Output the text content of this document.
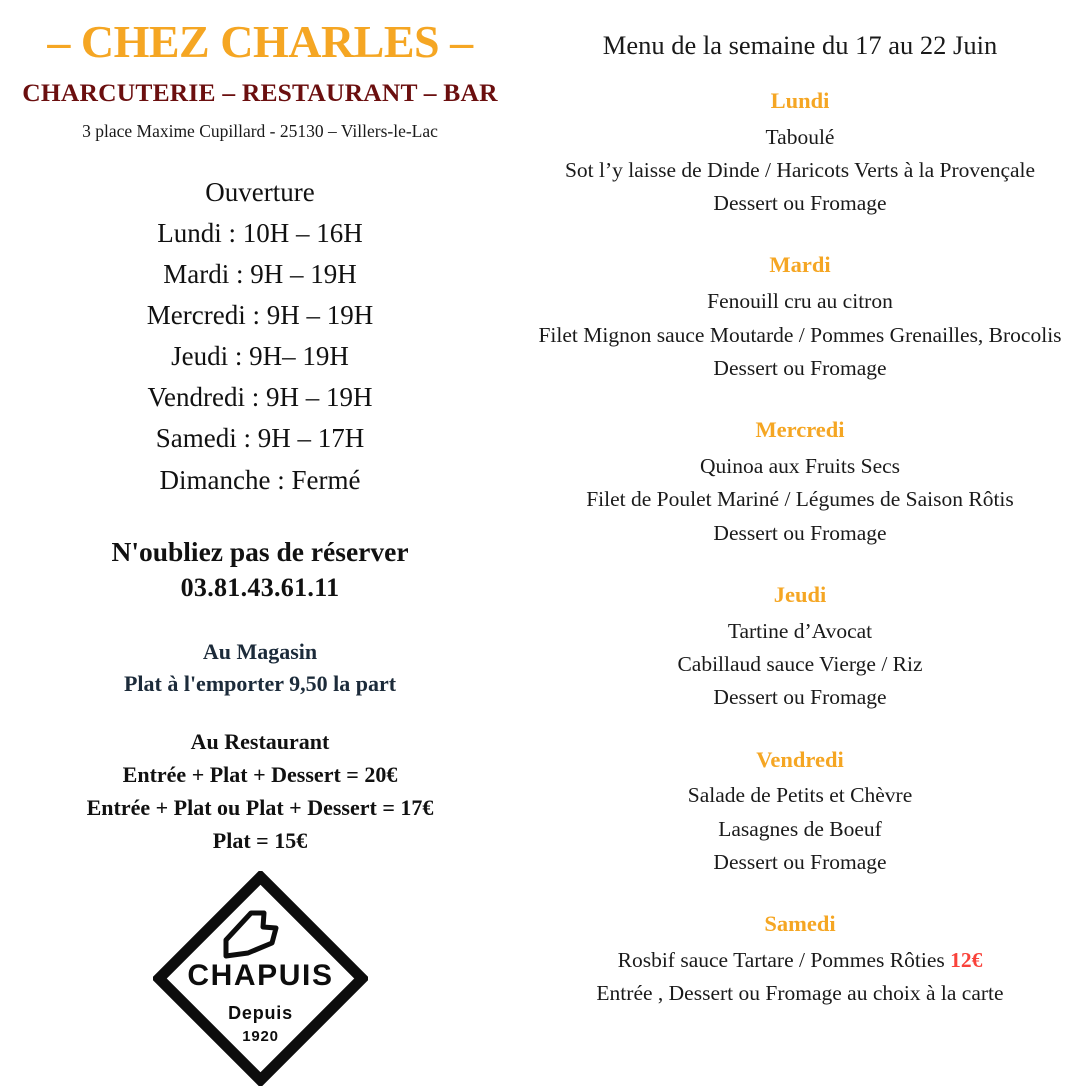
– CHEZ CHARLES –
CHARCUTERIE – RESTAURANT – BAR
3 place Maxime Cupillard - 25130 – Villers-le-Lac
Ouverture
Lundi : 10H – 16H
Mardi : 9H – 19H
Mercredi : 9H – 19H
Jeudi : 9H– 19H
Vendredi : 9H – 19H
Samedi : 9H – 17H
Dimanche : Fermé
N'oubliez pas de réserver
03.81.43.61.11
Au Magasin
Plat à l'emporter 9,50 la part
Au Restaurant
Entrée + Plat + Dessert = 20€
Entrée + Plat ou Plat + Dessert = 17€
Plat = 15€
CHAPUIS
Depuis
1920
Menu de la semaine du 17 au 22 Juin
Lundi
Taboulé
Sot l’y laisse de Dinde / Haricots Verts à la Provençale
Dessert ou Fromage
Mardi
Fenouill cru au citron
Filet Mignon sauce Moutarde / Pommes Grenailles, Brocolis
Dessert ou Fromage
Mercredi
Quinoa aux Fruits Secs
Filet de Poulet Mariné / Légumes de Saison Rôtis
Dessert ou Fromage
Jeudi
Tartine d’Avocat
Cabillaud sauce Vierge / Riz
Dessert ou Fromage
Vendredi
Salade de Petits et Chèvre
Lasagnes de Boeuf
Dessert ou Fromage
Samedi
Rosbif sauce Tartare / Pommes Rôties 12€
Entrée , Dessert ou Fromage au choix à la carte
